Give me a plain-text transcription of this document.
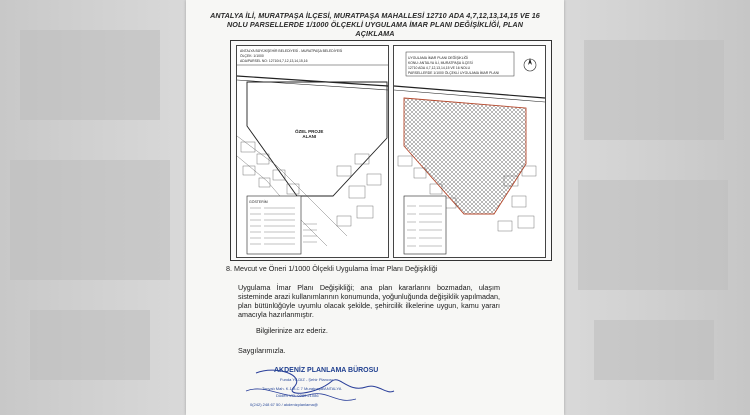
ANTALYA İLİ, MURATPAŞA İLÇESİ, MURATPAŞA MAHALLESİ 12710 ADA 4,7,12,13,14,15 VE 16
NOLU PARSELLERDE 1/1000 ÖLÇEKLİ UYGULAMA İMAR PLANI DEĞİŞİKLİĞİ, PLAN AÇIKLAMA
ANTALYA BÜYÜKŞEHİR BELEDİYESİ - MURATPAŞA BELEDİYESİ
ÖLÇEK: 1/1000
ADA/PARSEL NO: 12710/4,7,12,13,14,15,16
GÖSTERİM
ÖZEL PROJE
ALANI
UYGULAMA İMAR PLANI DEĞİŞİKLİĞİ
KONU: ANTALYA İLİ, MURATPAŞA İLÇESİ
12710 ADA 4,7,12,13,14,15 VE 16 NOLU
PARSELLERDE 1/1000 ÖLÇEKLİ UYGULAMA İMAR PLANI
8. Mevcut ve Öneri 1/1000 Ölçekli Uygulama İmar Planı Değişikliği
Uygulama İmar Planı Değişikliği; ana plan kararlarını bozmadan, ulaşım sisteminde arazi kullanımlarının konumunda, yoğunluğunda değişiklik yapılmadan, plan bütünlüğüyle uyumlu olacak şekilde, şehircilik ilkelerine uygun, kamu yararı amacıyla hazırlanmıştır.
Bilgilerinize arz ederiz.
Saygılarımızla.
AKDENİZ PLANLAMA BÜROSU
Funda YILDIZ - Şehir Plancısı
Tonyalı Mah. K.1.B.C 7 Muratpaşa/ANTALYA
Düden V.D. 0280 21086
0(242) 248 67 50 / akdenizplanlama@
